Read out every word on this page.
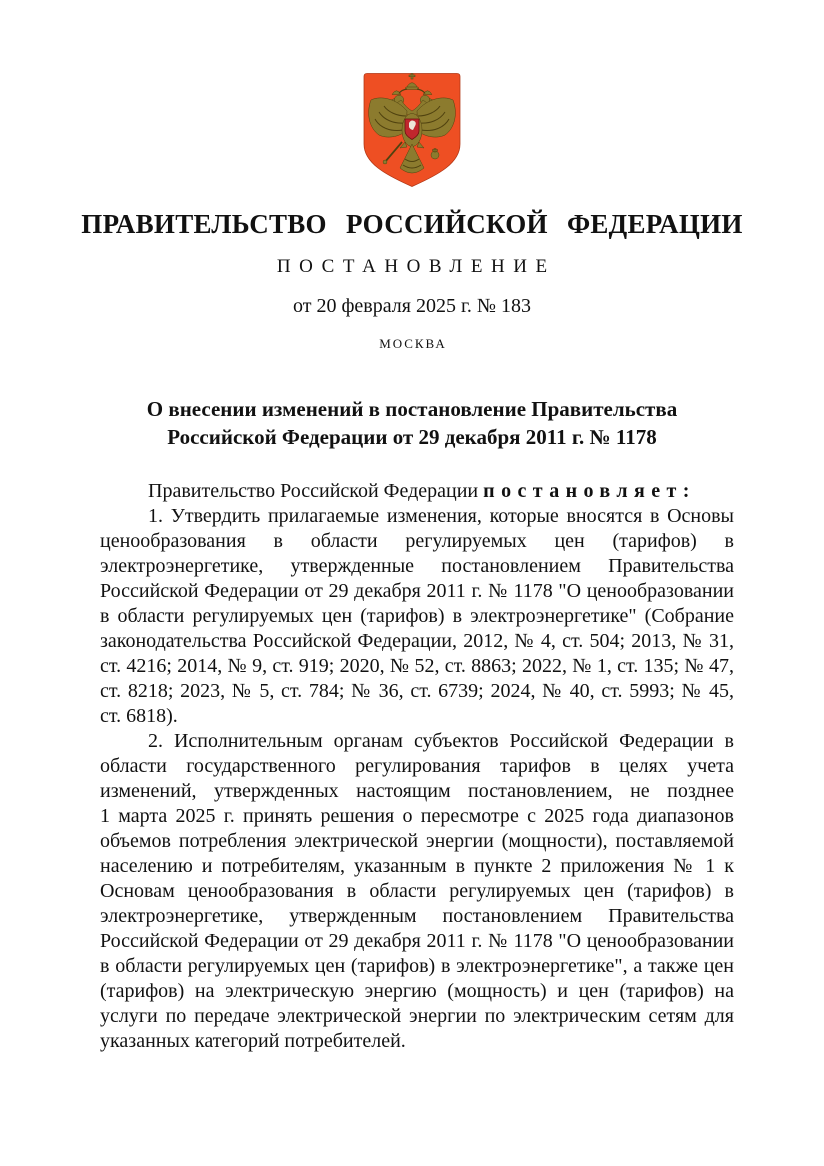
ПРАВИТЕЛЬСТВО РОССИЙСКОЙ ФЕДЕРАЦИИ
ПОСТАНОВЛЕНИЕ
от 20 февраля 2025 г. № 183
МОСКВА
О внесении изменений в постановление Правительства
Российской Федерации от 29 декабря 2011 г. № 1178

Правительство Российской Федерации постановляет:

1. Утвердить прилагаемые изменения, которые вносятся в Основы ценообразования в области регулируемых цен (тарифов) в электроэнергетике, утвержденные постановлением Правительства Российской Федерации от 29 декабря 2011 г. № 1178 "О ценообразовании в области регулируемых цен (тарифов) в электроэнергетике" (Собрание законодательства Российской Федерации, 2012, № 4, ст. 504; 2013, № 31, ст. 4216; 2014, № 9, ст. 919; 2020, № 52, ст. 8863; 2022, № 1, ст. 135; № 47, ст. 8218; 2023, № 5, ст. 784; № 36, ст. 6739; 2024, № 40, ст. 5993; № 45, ст. 6818).

2. Исполнительным органам субъектов Российской Федерации в области государственного регулирования тарифов в целях учета изменений, утвержденных настоящим постановлением, не позднее 1 марта 2025 г. принять решения о пересмотре с 2025 года диапазонов объемов потребления электрической энергии (мощности), поставляемой населению и потребителям, указанным в пункте 2 приложения № 1 к Основам ценообразования в области регулируемых цен (тарифов) в электроэнергетике, утвержденным постановлением Правительства Российской Федерации от 29 декабря 2011 г. № 1178 "О ценообразовании в области регулируемых цен (тарифов) в электроэнергетике", а также цен (тарифов) на электрическую энергию (мощность) и цен (тарифов) на услуги по передаче электрической энергии по электрическим сетям для указанных категорий потребителей.
